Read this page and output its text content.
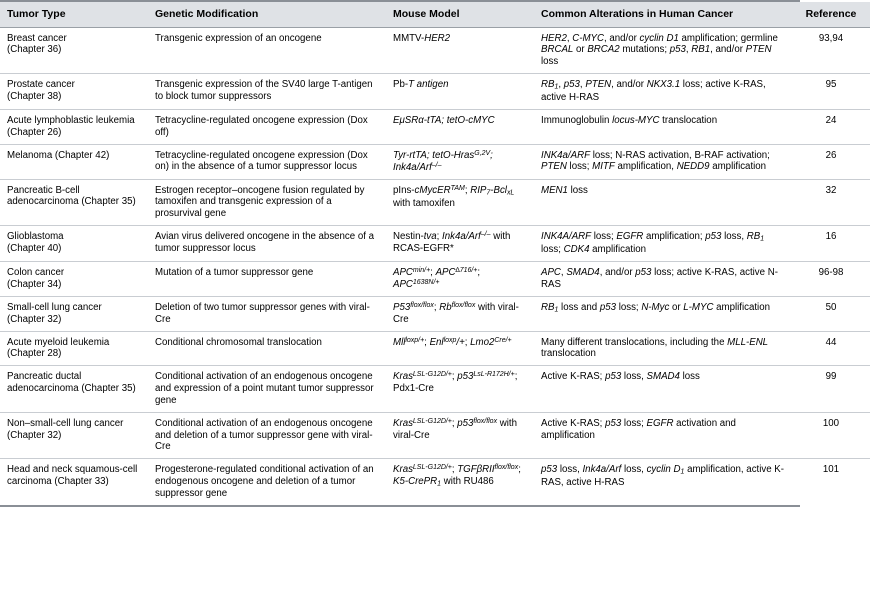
Tumor Type	Genetic Modification	Mouse Model	Common Alterations in Human Cancer	Reference

Breast cancer
(Chapter 36)	Transgenic expression of an oncogene	MMTV-HER2	HER2, C-MYC, and/or cyclin D1 amplification; germline BRCAL or BRCA2 mutations; p53, RB1, and/or PTEN loss	93,94

Prostate cancer
(Chapter 38)	Transgenic expression of the SV40 large T-antigen to block tumor suppressors	Pb-T antigen	$RB_1$, p53, PTEN, and/or NKX3.1 loss; active K-RAS, active H-RAS	95
Acute lymphoblastic leukemia (Chapter 26)	Tetracycline-regulated oncogene expression (Dox off)	EμSRα-tTA; tetO-cMYC	Immunoglobulin locus-MYC translocation	24
Melanoma (Chapter 42)	Tetracycline-regulated oncogene expression (Dox on) in the absence of a tumor suppressor locus	Tyr-rtTA; tetO-Hras$^{G,2V}$; Ink4a/Arf–/–	INK4a/ARF loss; N-RAS activation, B-RAF activation; PTEN loss; MITF amplification, NEDD9 amplification	26
Pancreatic B-cell adenocarcinoma (Chapter 35)	Estrogen receptor–oncogene fusion regulated by tamoxifen and transgenic expression of a prosurvival gene	pIns-cMycER$^{TAM}$; $RIP_7-Bcl_{xL}$ with tamoxifen	MEN1 loss	32

Glioblastoma
(Chapter 40)	Avian virus delivered oncogene in the absence of a tumor suppressor locus	Nestin-tva; Ink4a/Arf–/– with RCAS-EGFR*	INK4A/ARF loss; EGFR amplification; p53 loss, $RB_1$ loss; CDK4 amplification	16

Colon cancer
(Chapter 34)	Mutation of a tumor suppressor gene	$APC^{min/+}$; $APC^{\Delta 716/+}$; $APC^{1638N/+}$	APC, SMAD4, and/or p53 loss; active K-RAS, active N-RAS	96-98
Small-cell lung cancer (Chapter 32)	Deletion of two tumor suppressor genes with viral-Cre	$P53^{flox/flox}$; $Rb^{flox/flox}$ with viral-Cre	$RB_1$ loss and p53 loss; N-Myc or L-MYC amplification	50
Acute myeloid leukemia (Chapter 28)	Conditional chromosomal translocation	Mll$^{loxp/+}$; Enl$^{loxp}$/+; $Lmo2^{Cre/+}$	Many different translocations, including the MLL-ENL translocation	44
Pancreatic ductal adenocarcinoma (Chapter 35)	Conditional activation of an endogenous oncogene and expression of a point mutant tumor suppressor gene	Kras$^{LSL-G12D/+}$; $p53^{LsL-R172H/+}$; Pdx1-Cre	Active K-RAS; p53 loss, SMAD4 loss	99
Non–small-cell lung cancer (Chapter 32)	Conditional activation of an endogenous oncogene and deletion of a tumor suppressor gene with viral-Cre	Kras$^{LSL-G12D/+}$; $p53^{flox/flox}$ with viral-Cre	Active K-RAS; p53 loss; EGFR activation and amplification	100
Head and neck squamous-cell carcinoma (Chapter 33)	Progesterone-regulated conditional activation of an endogenous oncogene and deletion of a tumor suppressor gene	Kras$^{LSL-G12D/+}$; TGFβRII$^{flox/flox}$; K5-CrePR$_1$ with RU486	p53 loss, Ink4a/Arf loss, cyclin $D_1$ amplification, active K-RAS, active H-RAS	101
